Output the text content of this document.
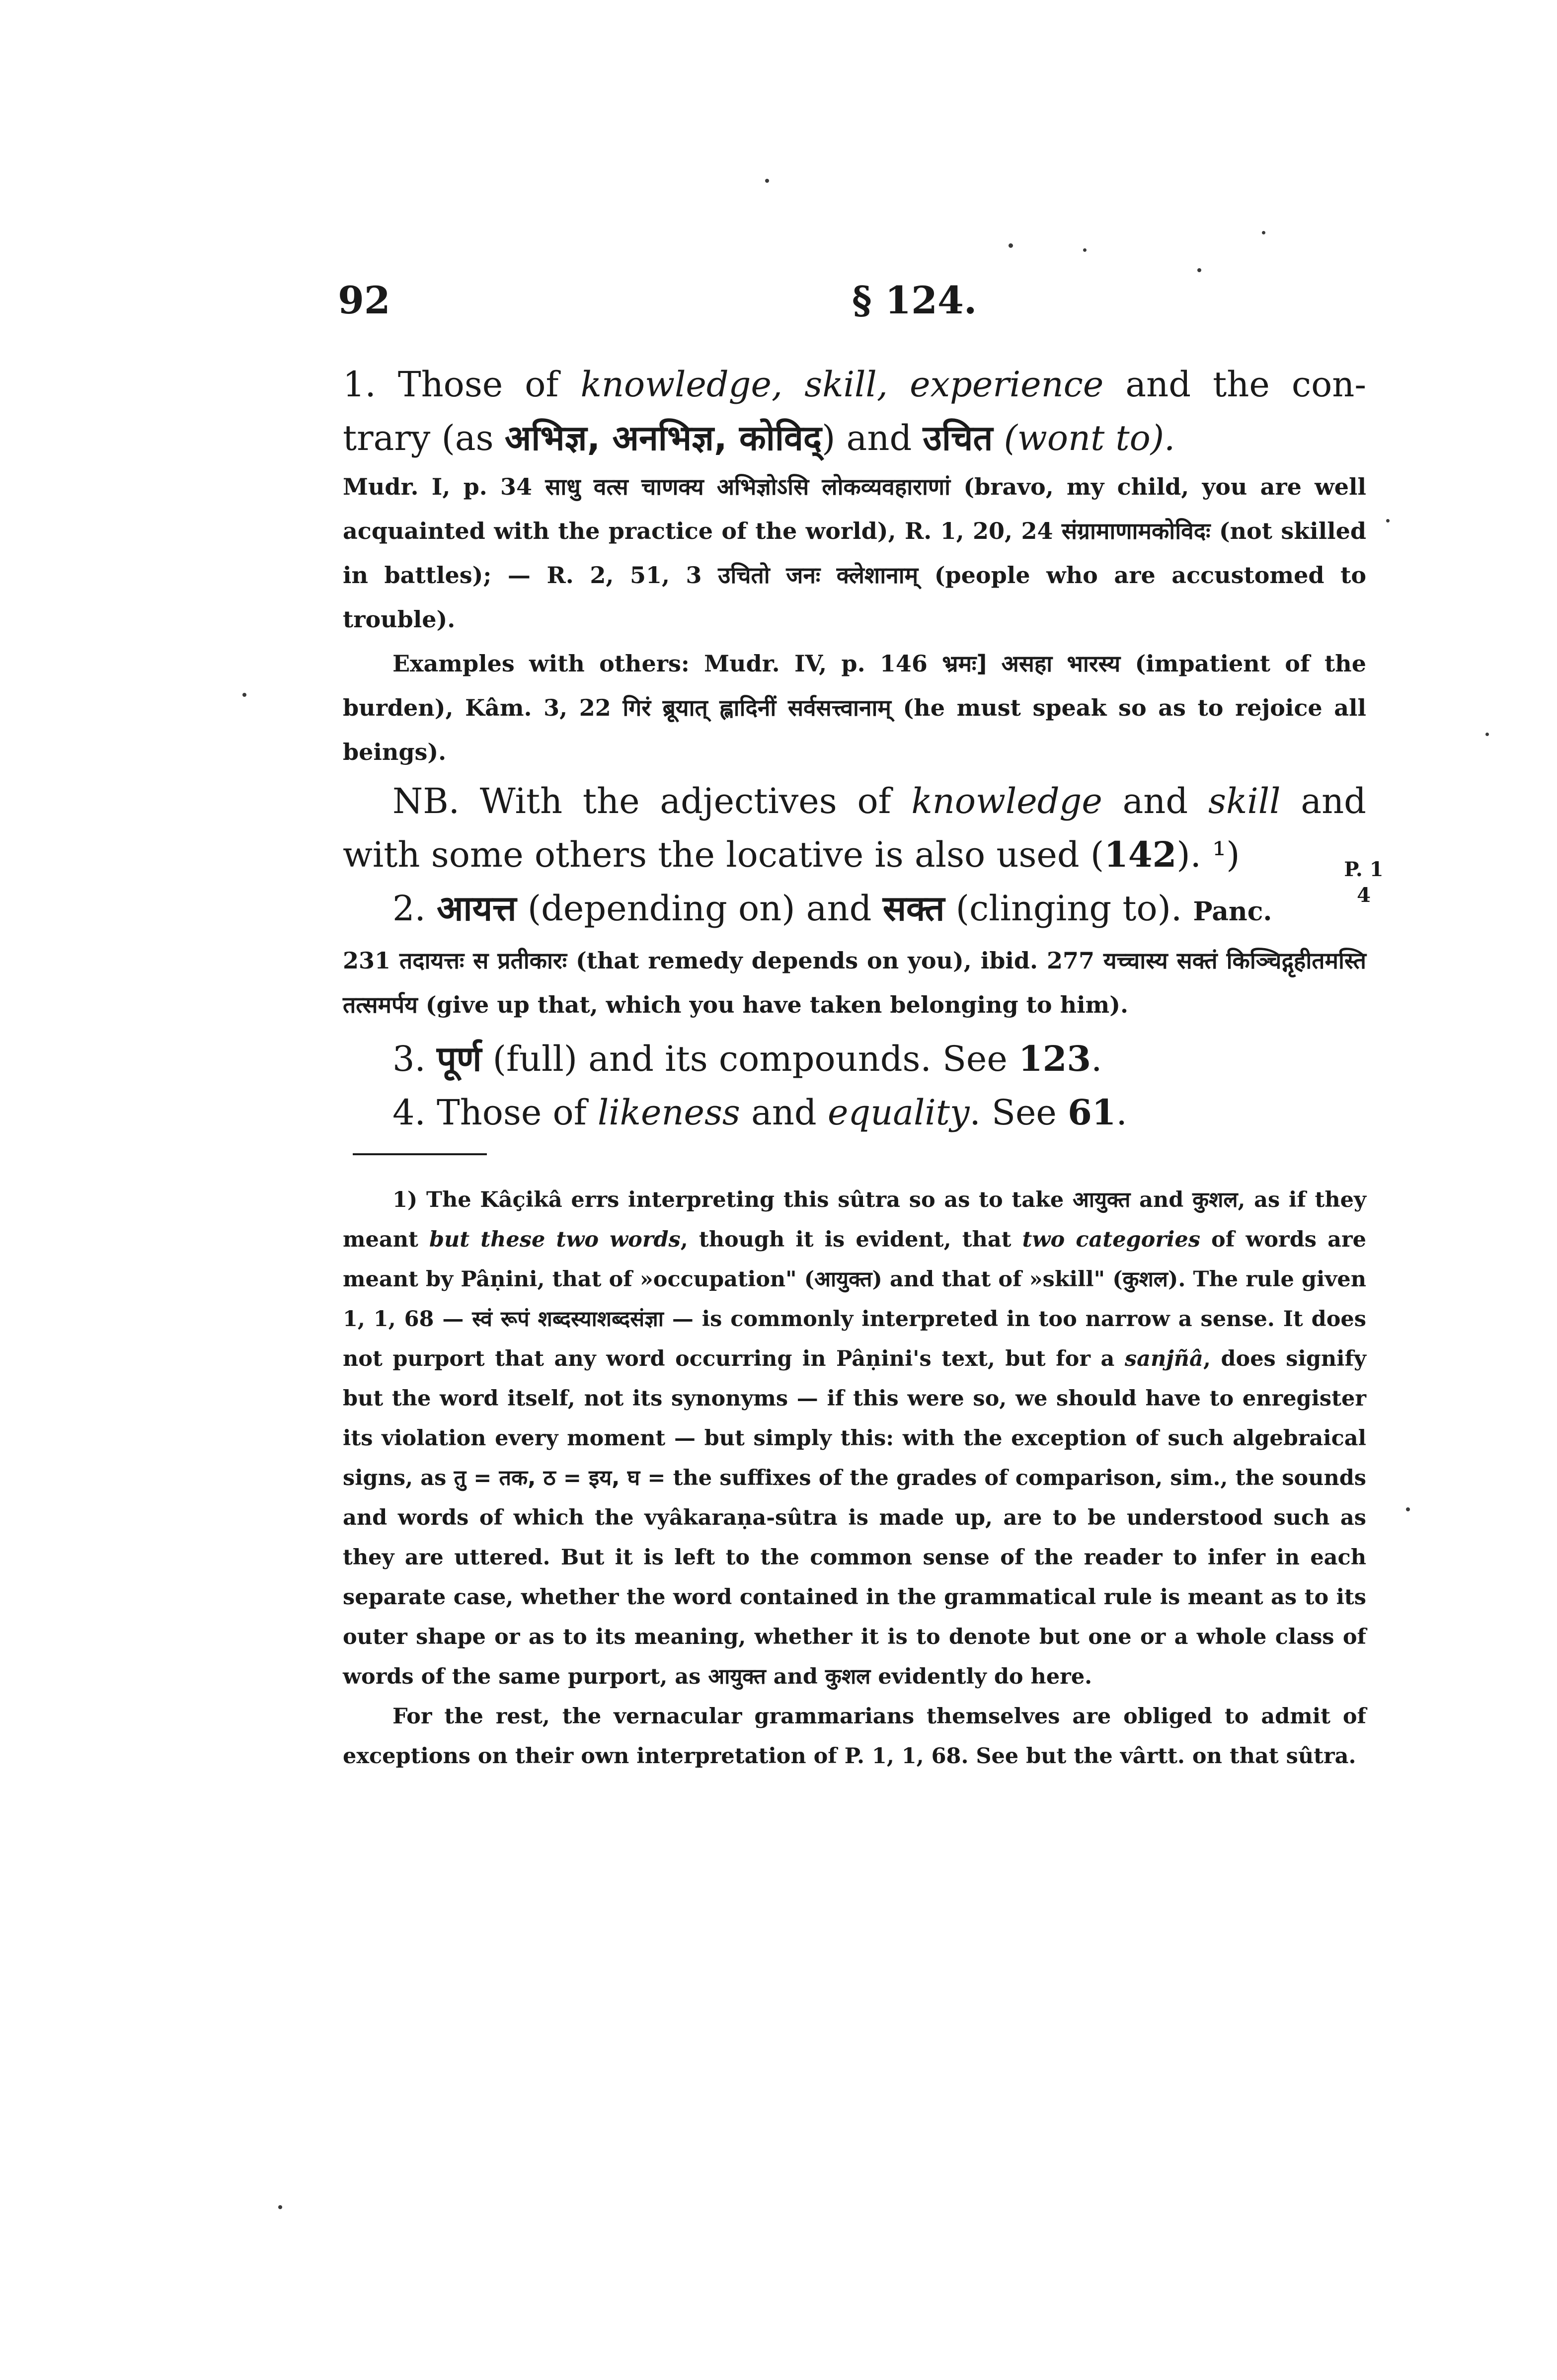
92	§ 124.
P. 1
4

1. Those of knowledge, skill, experience and the con- trary (as अभिज्ञ, अनभिज्ञ, कोविद्) and उचित (wont to).

Mudr. I, p. 34 साधु वत्स चाणक्य अभिज्ञोऽसि लोकव्यवहाराणां (bravo, my child, you are well acquainted with the practice of the world), R. 1, 20, 24 संग्रामाणामकोविदः (not skilled in battles); — R. 2, 51, 3 उचितो जनः क्लेशानाम् (people who are accustomed to trouble).

Examples with others: Mudr. IV, p. 146 भ्रमः] असहा भारस्य (impatient of the burden), Kâm. 3, 22 गिरं ब्रूयात् ह्लादिनीं सर्वसत्त्वानाम् (he must speak so as to rejoice all beings).

NB. With the adjectives of knowledge and skill and with some others the locative is also used (142). ¹)

2. आयत्त (depending on) and सक्त (clinging to). Panc.

231 तदायत्तः स प्रतीकारः (that remedy depends on you), ibid. 277 यच्चास्य सक्तं किञ्चिद्गृहीतमस्ति तत्समर्पय (give up that, which you have taken belonging to him).

3. पूर्ण (full) and its compounds. See 123.

4. Those of likeness and equality. See 61.

1) The Kâçikâ errs interpreting this sûtra so as to take आयुक्त and कुशल, as if they meant but these two words, though it is evident, that two categories of words are meant by Pâṇini, that of »occupation" (आयुक्त) and that of »skill" (कुशल). The rule given 1, 1, 68 — स्वं रूपं शब्दस्याशब्दसंज्ञा — is commonly interpreted in too narrow a sense. It does not purport that any word occurring in Pâṇini's text, but for a sanjñâ, does signify but the word itself, not its synonyms — if this were so, we should have to enregister its violation every moment — but simply this: with the exception of such algebraical signs, as तु = तक, ठ = इय, घ = the suffixes of the grades of comparison, sim., the sounds and words of which the vyâkaraṇa-sûtra is made up, are to be understood such as they are uttered. But it is left to the common sense of the reader to infer in each separate case, whether the word contained in the grammatical rule is meant as to its outer shape or as to its meaning, whether it is to denote but one or a whole class of words of the same purport, as आयुक्त and कुशल evidently do here.

For the rest, the vernacular grammarians themselves are obliged to admit of exceptions on their own interpretation of P. 1, 1, 68. See but the vârtt. on that sûtra.
